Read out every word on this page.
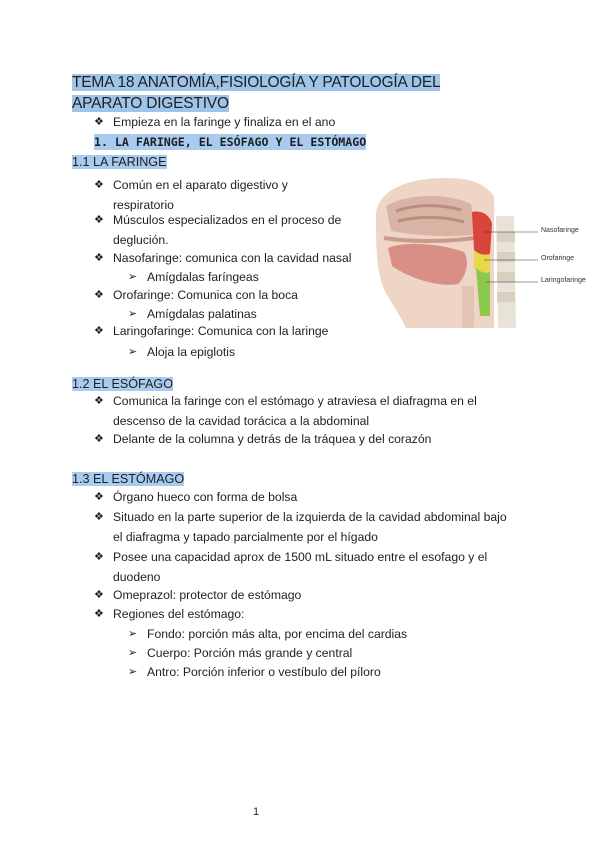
TEMA 18 ANATOMÍA,FISIOLOGÍA Y PATOLOGÍA DEL
APARATO DIGESTIVO
❖ Empieza en la faringe y finaliza en el ano
1. LA FARINGE, EL ESÓFAGO Y EL ESTÓMAGO
1.1 LA FARINGE
❖ Común en el aparato digestivo y
respiratorio
❖ Músculos especializados en el proceso de
deglución.
❖ Nasofaringe: comunica con la cavidad nasal
➢ Amígdalas faríngeas
❖ Orofaringe: Comunica con la boca
➢ Amígdalas palatinas
❖ Laringofaringe: Comunica con la laringe
➢ Aloja la epiglotis
Nasofaringe
Orofaringe
Laringofaringe
1.2 EL ESÓFAGO
❖ Comunica la faringe con el estómago y atraviesa el diafragma en el
descenso de la cavidad torácica a la abdominal
❖ Delante de la columna y detrás de la tráquea y del corazón
1.3 EL ESTÓMAGO
❖ Órgano hueco con forma de bolsa
❖ Situado en la parte superior de la izquierda de la cavidad abdominal bajo
el diafragma y tapado parcialmente por el hígado
❖ Posee una capacidad aprox de 1500 mL situado entre el esofago y el
duodeno
❖ Omeprazol: protector de estómago
❖ Regiones del estómago:
➢ Fondo: porción más alta, por encima del cardias
➢ Cuerpo: Porción más grande y central
➢ Antro: Porción inferior o vestíbulo del píloro
1
